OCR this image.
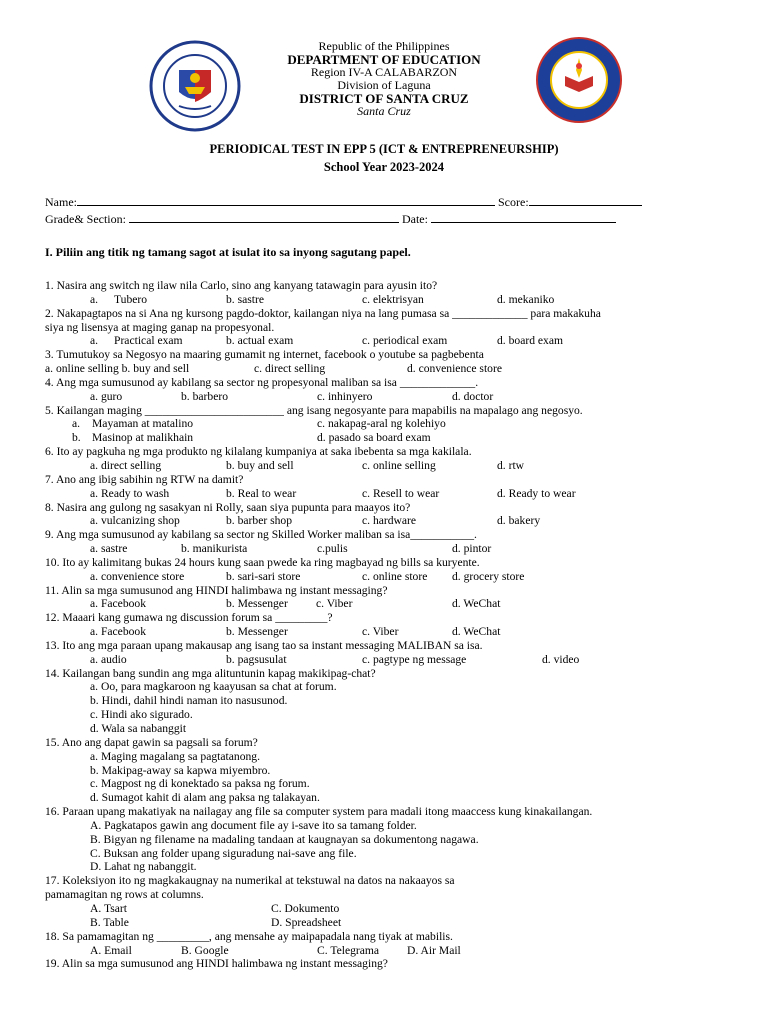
Republic of the Philippines
DEPARTMENT OF EDUCATION
Region IV-A CALABARZON
Division of Laguna
DISTRICT OF SANTA CRUZ
Santa Cruz
PERIODICAL TEST IN EPP 5 (ICT & ENTREPRENEURSHIP)
School Year 2023-2024
Name:	Score:
Grade& Section:	Date:
I. Piliin ang titik ng tamang sagot at isulat ito sa inyong sagutang papel.
1. Nasira ang switch ng ilaw nila Carlo, sino ang kanyang tatawagin para ayusin ito?
a. Tubero	b. sastre	c. elektrisyan	d. mekaniko
2. Nakapagtapos na si Ana ng kursong pagdo-doktor, kailangan niya na lang pumasa sa _____________ para makakuha
siya ng lisensya at maging ganap na propesyonal.
a. Practical exam	b. actual exam	c. periodical exam	d. board exam
3. Tumutukoy sa Negosyo na maaring gumamit ng internet, facebook o youtube sa pagbebenta
a. online selling b. buy and sell	c. direct selling	d. convenience store
4. Ang mga sumusunod ay kabilang sa sector ng propesyonal maliban sa isa _____________.
a. guro	b. barbero	c. inhinyero	d. doctor
5. Kailangan maging ________________________ ang isang negosyante para mapabilis na mapalago ang negosyo.
a. Mayaman at matalino	c. nakapag-aral ng kolehiyo
b. Masinop at malikhain	d. pasado sa board exam
6. Ito ay pagkuha ng mga produkto ng kilalang kumpaniya at saka ibebenta sa mga kakilala.
a. direct selling	b. buy and sell	c. online selling	d. rtw
7. Ano ang ibig sabihin ng RTW na damit?
a. Ready to wash	b. Real to wear	c. Resell to wear	d. Ready to wear
8. Nasira ang gulong ng sasakyan ni Rolly, saan siya pupunta para maayos ito?
a. vulcanizing shop	b. barber shop	c. hardware	d. bakery
9. Ang mga sumusunod ay kabilang sa sector ng Skilled Worker maliban sa isa___________.
a. sastre	b. manikurista	c.pulis	d. pintor
10. Ito ay kalimitang bukas 24 hours kung saan pwede ka ring magbayad ng bills sa kuryente.
a. convenience store	b. sari-sari store	c. online store d. grocery store
11. Alin sa mga sumusunod ang HINDI halimbawa ng instant messaging?
a. Facebook	b. Messenger c. Viber	d. WeChat
12. Maaari kang gumawa ng discussion forum sa _________?
a. Facebook	b. Messenger	c. Viber	d. WeChat
13. Ito ang mga paraan upang makausap ang isang tao sa instant messaging MALIBAN sa isa.
a. audio	b. pagsusulat	c. pagtype ng message	d. video
14. Kailangan bang sundin ang mga alituntunin kapag makikipag-chat?
a. Oo, para magkaroon ng kaayusan sa chat at forum.
b. Hindi, dahil hindi naman ito nasusunod.
c. Hindi ako sigurado.
d. Wala sa nabanggit
15. Ano ang dapat gawin sa pagsali sa forum?
a. Maging magalang sa pagtatanong.
b. Makipag-away sa kapwa miyembro.
c. Magpost ng di konektado sa paksa ng forum.
d. Sumagot kahit di alam ang paksa ng talakayan.
16. Paraan upang makatiyak na nailagay ang file sa computer system para madali itong maaccess kung kinakailangan.
A. Pagkatapos gawin ang document file ay i-save ito sa tamang folder.
B. Bigyan ng filename na madaling tandaan at kaugnayan sa dokumentong nagawa.
C. Buksan ang folder upang siguradung nai-save ang file.
D. Lahat ng nabanggit.
17. Koleksiyon ito ng magkakaugnay na numerikal at tekstuwal na datos na nakaayos sa
pamamagitan ng rows at columns.
A. Tsart	C. Dokumento
B. Table	D. Spreadsheet
18. Sa pamamagitan ng _________, ang mensahe ay maipapadala nang tiyak at mabilis.
A. Email	B. Google	C. Telegrama D. Air Mail
19. Alin sa mga sumusunod ang HINDI halimbawa ng instant messaging?
